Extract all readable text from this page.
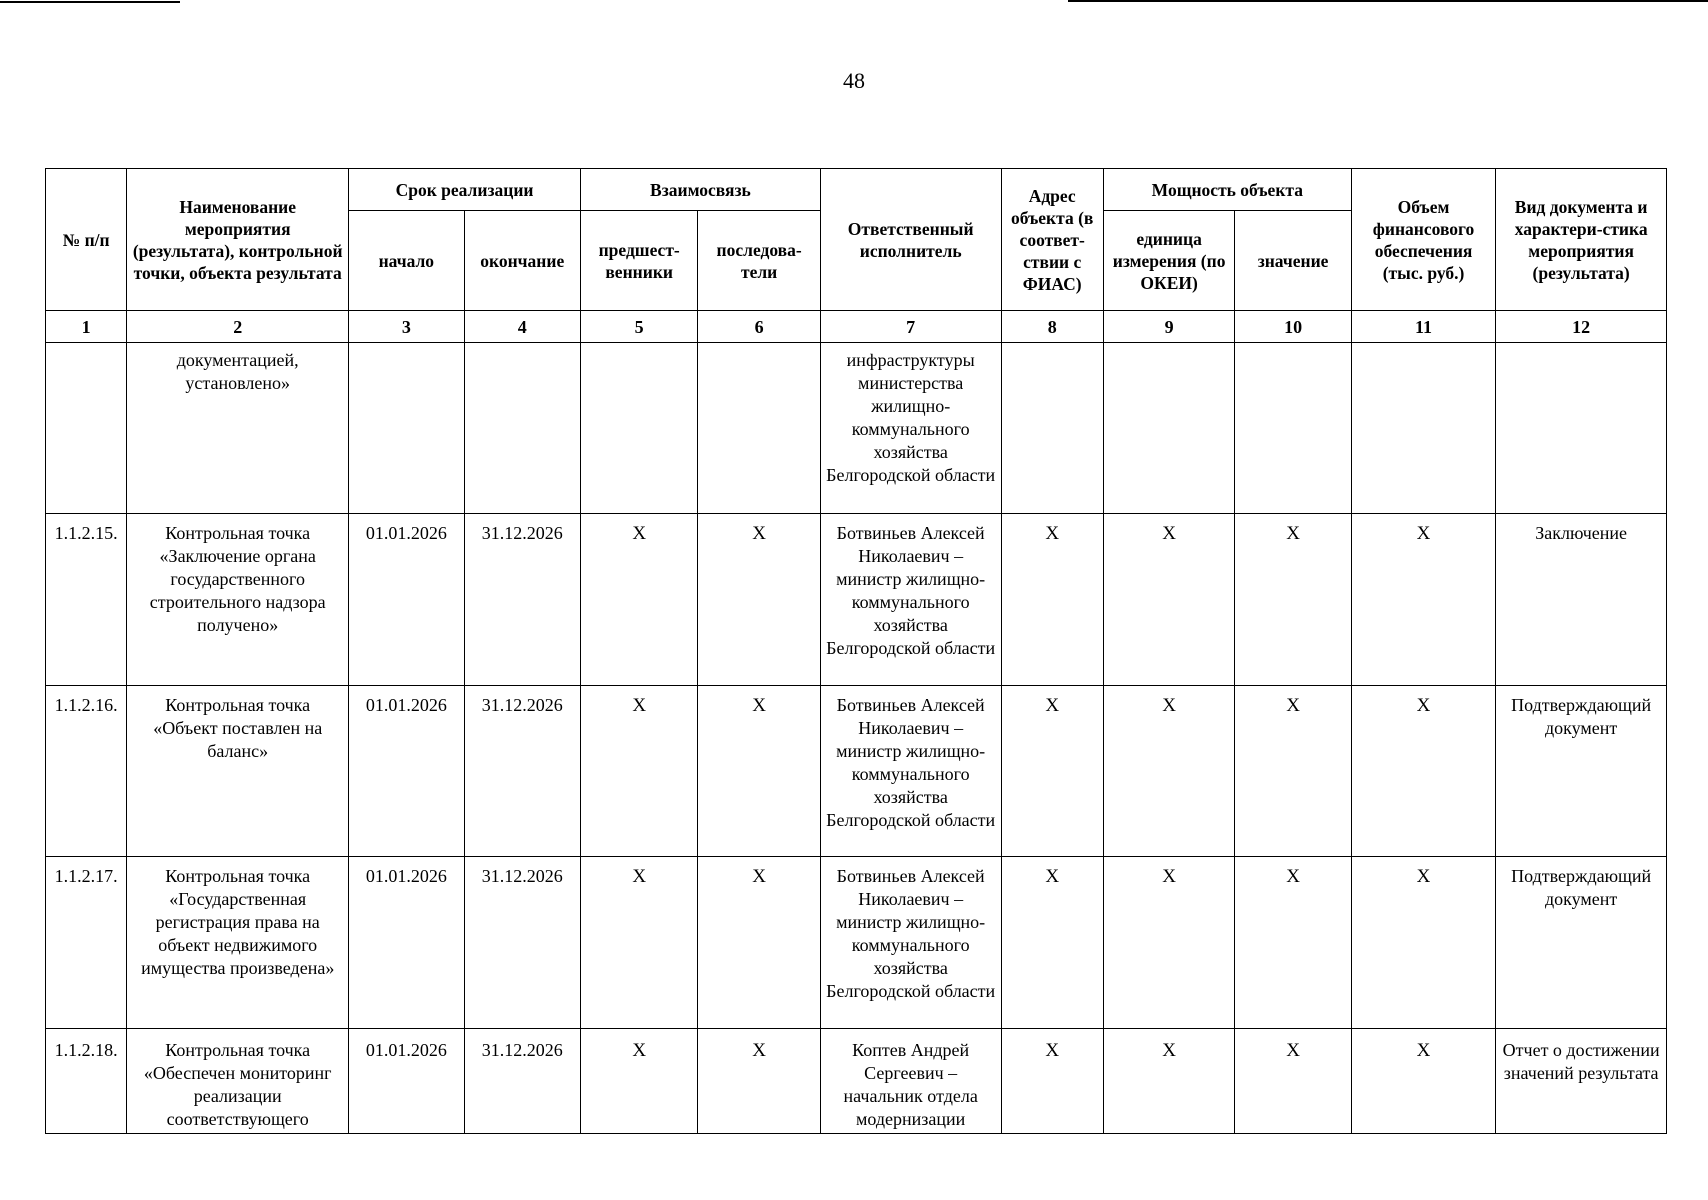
48
№ п/п	Наименование мероприятия (результата), контрольной точки, объекта результата	Срок реализации		Взаимосвязь		Ответственный исполнитель	Адрес объекта (в соответ-ствии с ФИАС)	Мощность объекта		Объем финансового обеспечения (тыс. руб.)	Вид документа и характери-стика мероприятия (результата)
		начало	окончание	предшест-венники	последова-тели			единица измерения (по ОКЕИ)	значение		
1	2	3	4	5	6	7	8	9	10	11	12
	документацией, установлено»					инфраструктуры министерства жилищно-коммунального хозяйства Белгородской области					
1.1.2.15.	Контрольная точка «Заключение органа государственного строительного надзора получено»	01.01.2026	31.12.2026	X	X	Ботвиньев Алексей Николаевич – министр жилищно-коммунального хозяйства Белгородской области	X	X	X	X	Заключение
1.1.2.16.	Контрольная точка «Объект поставлен на баланс»	01.01.2026	31.12.2026	X	X	Ботвиньев Алексей Николаевич – министр жилищно-коммунального хозяйства Белгородской области	X	X	X	X	Подтверждающий документ
1.1.2.17.	Контрольная точка «Государственная регистрация права на объект недвижимого имущества произведена»	01.01.2026	31.12.2026	X	X	Ботвиньев Алексей Николаевич – министр жилищно-коммунального хозяйства Белгородской области	X	X	X	X	Подтверждающий документ
1.1.2.18.	Контрольная точка «Обеспечен мониторинг реализации соответствующего	01.01.2026	31.12.2026	X	X	Коптев Андрей Сергеевич – начальник отдела модернизации	X	X	X	X	Отчет о достижении значений результата
